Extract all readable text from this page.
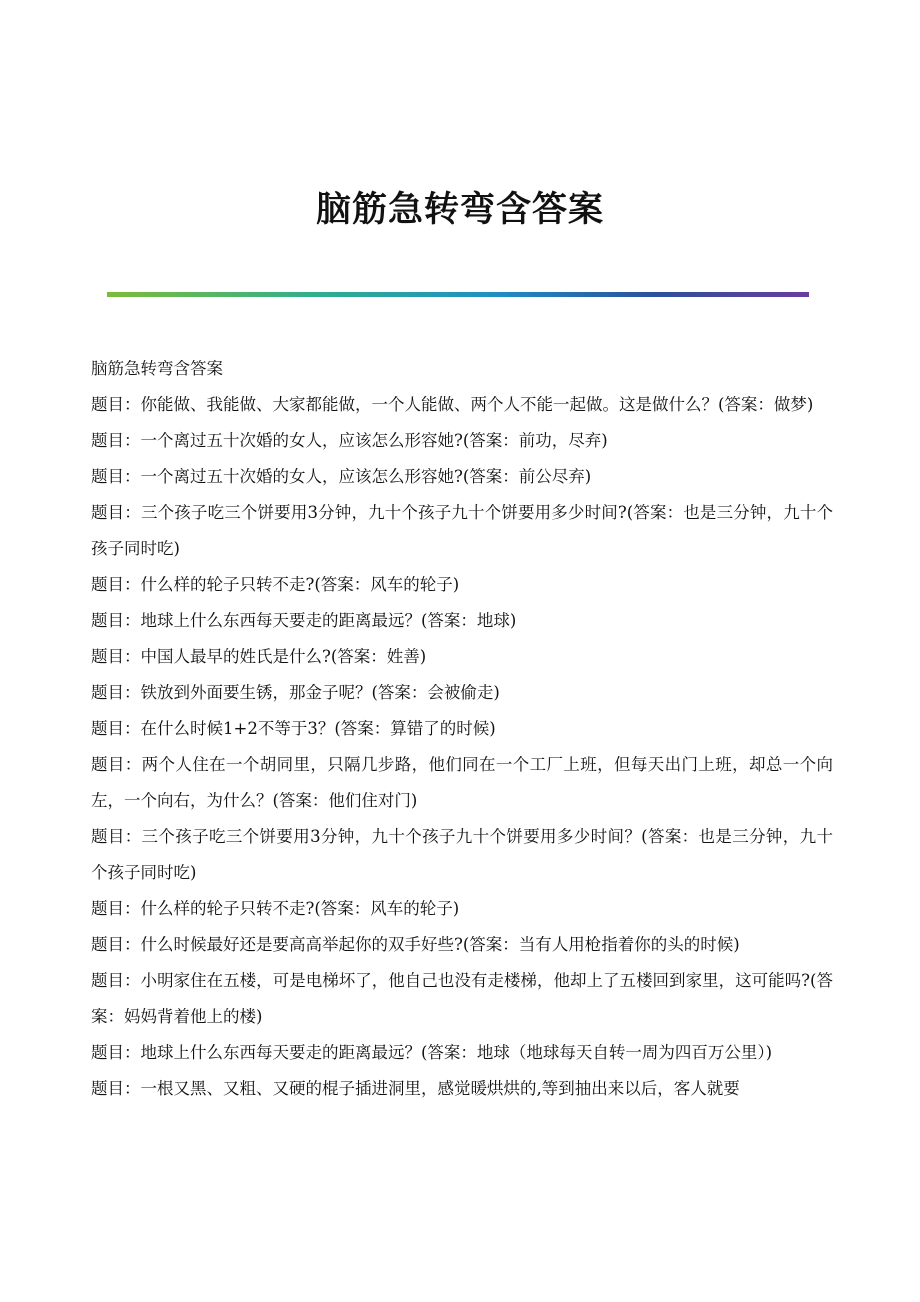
脑筋急转弯含答案

脑筋急转弯含答案

题目：你能做、我能做、大家都能做，一个人能做、两个人不能一起做。这是做什么？(答案：做梦)

题目：一个离过五十次婚的女人，应该怎么形容她?(答案：前功，尽弃)

题目：一个离过五十次婚的女人，应该怎么形容她?(答案：前公尽弃)

题目：三个孩子吃三个饼要用3分钟，九十个孩子九十个饼要用多少时间?(答案：也是三分钟，九十个孩子同时吃)

题目：什么样的轮子只转不走?(答案：风车的轮子)

题目：地球上什么东西每天要走的距离最远？(答案：地球)

题目：中国人最早的姓氏是什么?(答案：姓善)

题目：铁放到外面要生锈，那金子呢？(答案：会被偷走)

题目：在什么时候1+2不等于3？(答案：算错了的时候)

题目：两个人住在一个胡同里，只隔几步路，他们同在一个工厂上班，但每天出门上班，却总一个向左，一个向右，为什么？(答案：他们住对门)

题目：三个孩子吃三个饼要用3分钟，九十个孩子九十个饼要用多少时间？(答案：也是三分钟，九十个孩子同时吃)

题目：什么样的轮子只转不走?(答案：风车的轮子)

题目：什么时候最好还是要高高举起你的双手好些?(答案：当有人用枪指着你的头的时候)

题目：小明家住在五楼，可是电梯坏了，他自己也没有走楼梯，他却上了五楼回到家里，这可能吗?(答案：妈妈背着他上的楼)

题目：地球上什么东西每天要走的距离最远？(答案：地球（地球每天自转一周为四百万公里）)

题目：一根又黑、又粗、又硬的棍子插进洞里，感觉暖烘烘的,等到抽出来以后，客人就要
